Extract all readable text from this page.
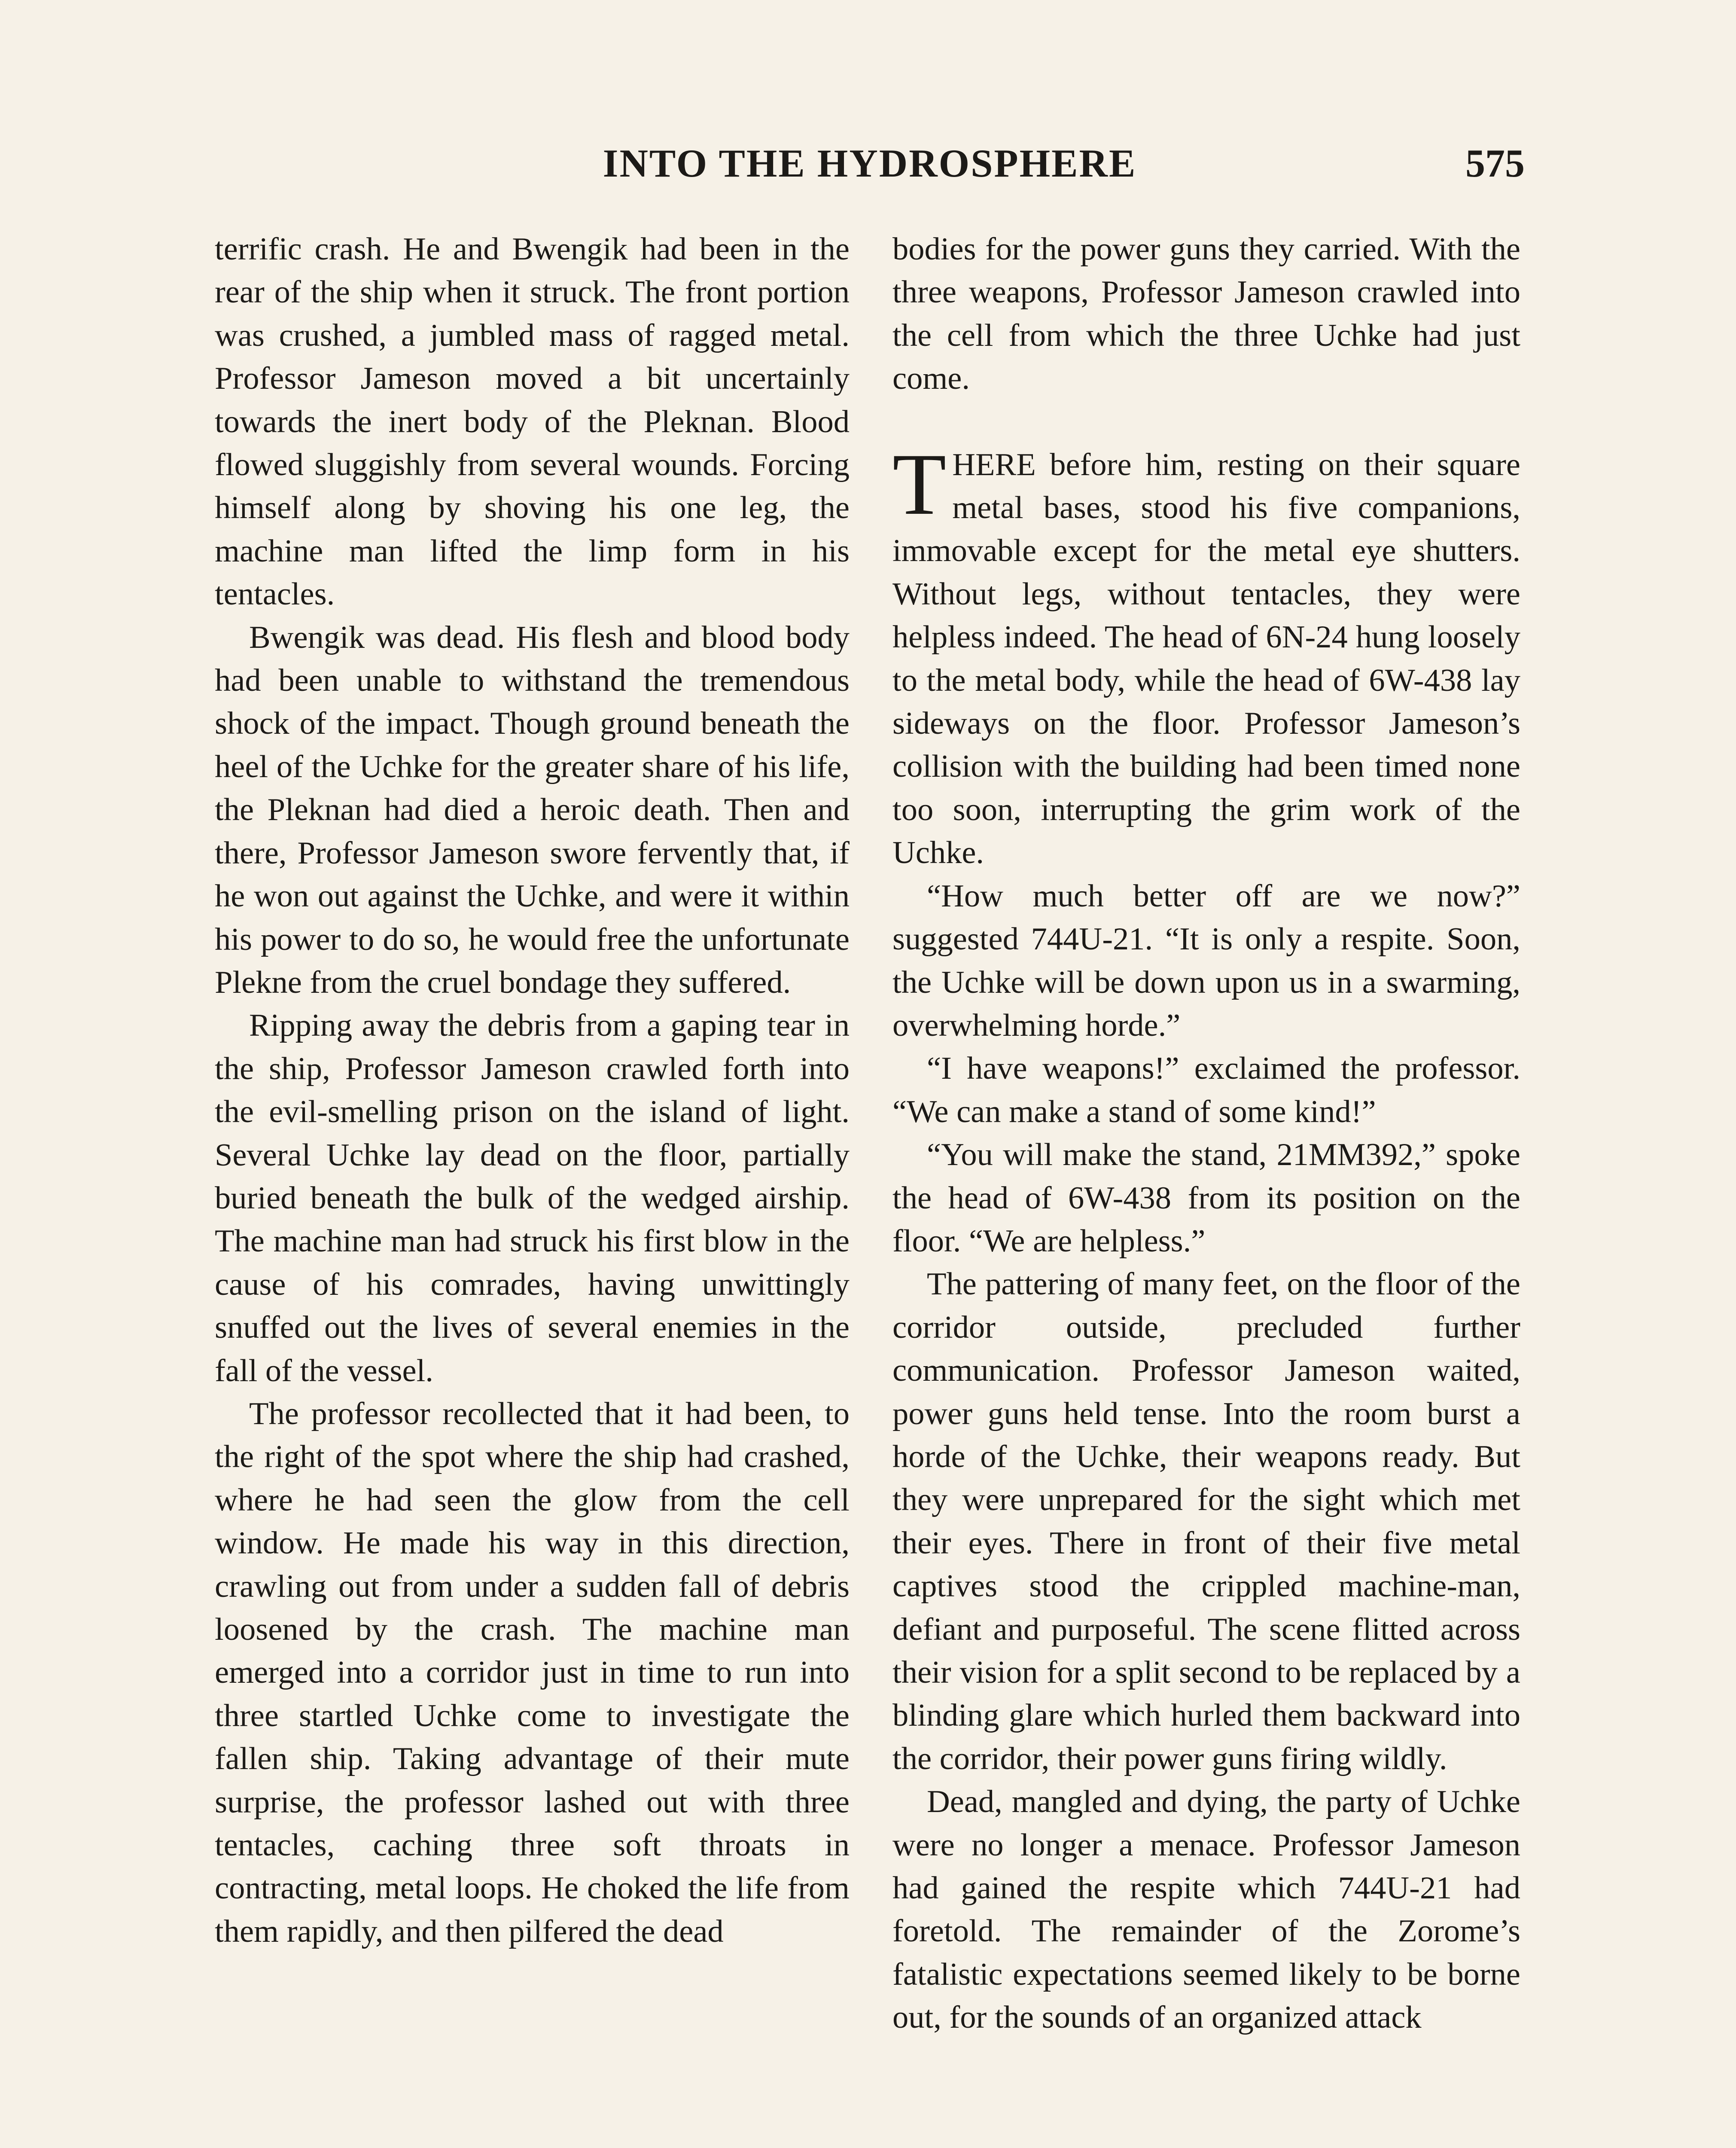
INTO THE HYDROSPHERE	575

terrific crash. He and Bwengik had been in the rear of the ship when it struck. The front portion was crushed, a jumbled mass of ragged metal. Professor Jameson moved a bit uncertainly towards the inert body of the Pleknan. Blood flowed sluggishly from several wounds. Forcing himself along by shoving his one leg, the machine man lifted the limp form in his tentacles.

Bwengik was dead. His flesh and blood body had been unable to withstand the tremendous shock of the impact. Though ground beneath the heel of the Uchke for the greater share of his life, the Pleknan had died a heroic death. Then and there, Professor Jameson swore fervently that, if he won out against the Uchke, and were it within his power to do so, he would free the unfortunate Plekne from the cruel bondage they suffered.

Ripping away the debris from a gaping tear in the ship, Professor Jameson crawled forth into the evil-smelling prison on the island of light. Several Uchke lay dead on the floor, partially buried beneath the bulk of the wedged airship. The machine man had struck his first blow in the cause of his comrades, having unwittingly snuffed out the lives of several enemies in the fall of the vessel.

The professor recollected that it had been, to the right of the spot where the ship had crashed, where he had seen the glow from the cell window. He made his way in this direction, crawling out from under a sudden fall of debris loosened by the crash. The machine man emerged into a corridor just in time to run into three startled Uchke come to investigate the fallen ship. Taking advantage of their mute surprise, the professor lashed out with three tentacles, caching three soft throats in contracting, metal loops. He choked the life from them rapidly, and then pilfered the dead

bodies for the power guns they carried. With the three weapons, Professor Jameson crawled into the cell from which the three Uchke had just come.

THERE before him, resting on their square metal bases, stood his five companions, immovable except for the metal eye shutters. Without legs, without tentacles, they were helpless indeed. The head of 6N-24 hung loosely to the metal body, while the head of 6W-438 lay sideways on the floor. Professor Jameson’s collision with the building had been timed none too soon, interrupting the grim work of the Uchke.

“How much better off are we now?” suggested 744U-21. “It is only a respite. Soon, the Uchke will be down upon us in a swarming, overwhelming horde.”

“I have weapons!” exclaimed the professor. “We can make a stand of some kind!”

“You will make the stand, 21MM392,” spoke the head of 6W-438 from its position on the floor. “We are helpless.”

The pattering of many feet, on the floor of the corridor outside, precluded further communication. Professor Jameson waited, power guns held tense. Into the room burst a horde of the Uchke, their weapons ready. But they were unprepared for the sight which met their eyes. There in front of their five metal captives stood the crippled machine-man, defiant and purposeful. The scene flitted across their vision for a split second to be replaced by a blinding glare which hurled them backward into the corridor, their power guns firing wildly.

Dead, mangled and dying, the party of Uchke were no longer a menace. Professor Jameson had gained the respite which 744U-21 had foretold. The remainder of the Zorome’s fatalistic expectations seemed likely to be borne out, for the sounds of an organized attack
